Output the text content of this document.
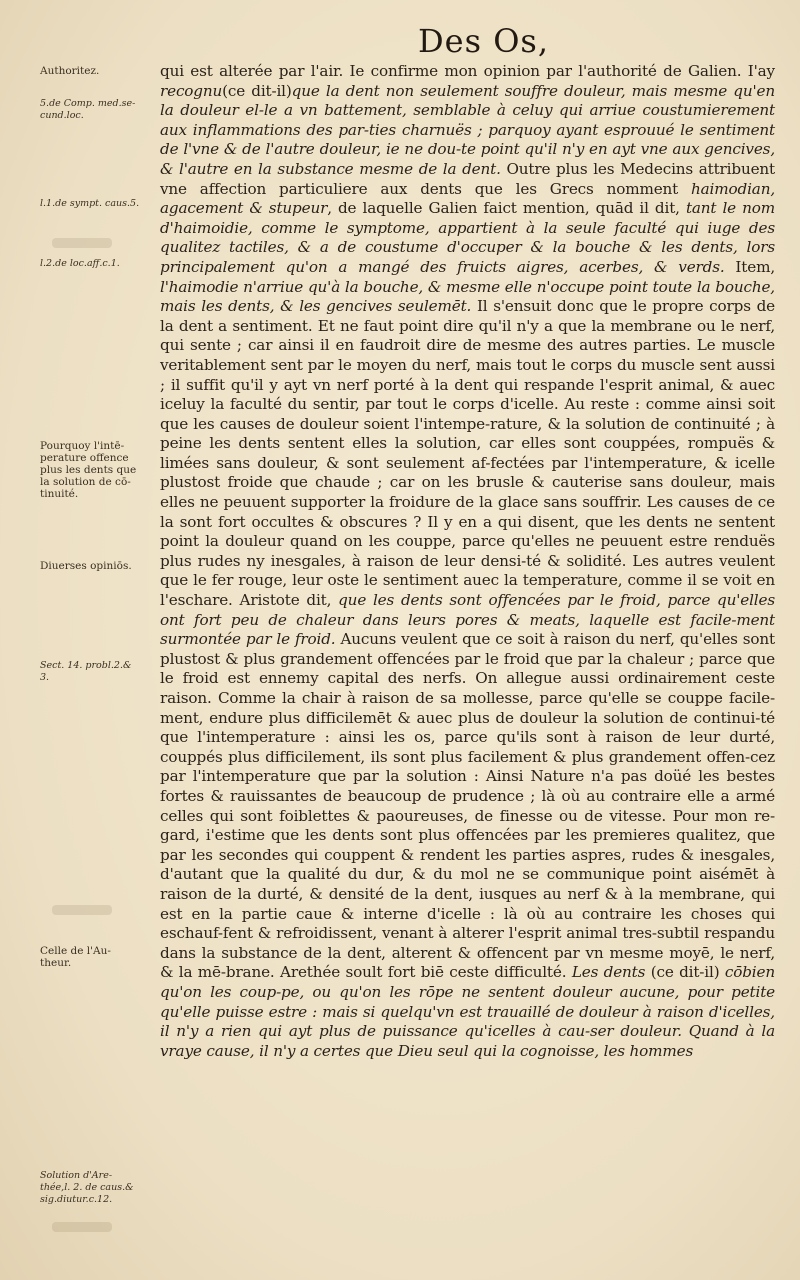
Des Os,
Authoritez.
5.de Comp. med.se-
cund.loc.
l.1.de sympt. caus.5.
l.2.de loc.aff.c.1.
Pourquoy l'intē-
perature offence
plus les dents que
la solution de cō-
tinuité.
Diuerses opiniōs.
Sect. 14. probl.2.&
3.
Celle de l'Au-
theur.
Solution d'Are-
thée,l. 2. de caus.&
sig.diutur.c.12.

qui est alterée par l'air. Ie confirme mon opinion par l'authorité de Galien. I'ay recognu(ce dit-il)que la dent non seulement souffre douleur, mais mesme qu'en la douleur el-le a vn battement, semblable à celuy qui arriue coustumierement aux inflammations des par-ties charnuës ; parquoy ayant esprouué le sentiment de l'vne & de l'autre douleur, ie ne dou-te point qu'il n'y en ayt vne aux gencives, & l'autre en la substance mesme de la dent. Outre plus les Medecins attribuent vne affection particuliere aux dents que les Grecs nomment haimodian, agacement & stupeur, de laquelle Galien faict mention, quād il dit, tant le nom d'haimoidie, comme le symptome, appartient à la seule faculté qui iuge des qualitez tactiles, & a de coustume d'occuper & la bouche & les dents, lors principalement qu'on a mangé des fruicts aigres, acerbes, & verds. Item, l'haimodie n'arriue qu'à la bouche, & mesme elle n'occupe point toute la bouche, mais les dents, & les gencives seulemēt. Il s'ensuit donc que le propre corps de la dent a sentiment. Et ne faut point dire qu'il n'y a que la membrane ou le nerf, qui sente ; car ainsi il en faudroit dire de mesme des autres parties. Le muscle veritablement sent par le moyen du nerf, mais tout le corps du muscle sent aussi ; il suffit qu'il y ayt vn nerf porté à la dent qui respande l'esprit animal, & auec iceluy la faculté du sentir, par tout le corps d'icelle. Au reste : comme ainsi soit que les causes de douleur soient l'intempe-rature, & la solution de continuité ; à peine les dents sentent elles la solution, car elles sont couppées, rompuës & limées sans douleur, & sont seulement af-fectées par l'intemperature, & icelle plustost froide que chaude ; car on les brusle & cauterise sans douleur, mais elles ne peuuent supporter la froidure de la glace sans souffrir. Les causes de ce la sont fort occultes & obscures ? Il y en a qui disent, que les dents ne sentent point la douleur quand on les couppe, parce qu'elles ne peuuent estre renduës plus rudes ny inesgales, à raison de leur densi-té & solidité. Les autres veulent que le fer rouge, leur oste le sentiment auec la temperature, comme il se voit en l'eschare. Aristote dit, que les dents sont offencées par le froid, parce qu'elles ont fort peu de chaleur dans leurs pores & meats, laquelle est facile-ment surmontée par le froid. Aucuns veulent que ce soit à raison du nerf, qu'elles sont plustost & plus grandement offencées par le froid que par la chaleur ; parce que le froid est ennemy capital des nerfs. On allegue aussi ordinairement ceste raison. Comme la chair à raison de sa mollesse, parce qu'elle se couppe facile-ment, endure plus difficilemēt & auec plus de douleur la solution de continui-té que l'intemperature : ainsi les os, parce qu'ils sont à raison de leur durté, couppés plus difficilement, ils sont plus facilement & plus grandement offen-cez par l'intemperature que par la solution : Ainsi Nature n'a pas doüé les bestes fortes & rauissantes de beaucoup de prudence ; là où au contraire elle a armé celles qui sont foiblettes & paoureuses, de finesse ou de vitesse. Pour mon re-gard, i'estime que les dents sont plus offencées par les premieres qualitez, que par les secondes qui couppent & rendent les parties aspres, rudes & inesgales, d'autant que la qualité du dur, & du mol ne se communique point aisémēt à raison de la durté, & densité de la dent, iusques au nerf & à la membrane, qui est en la partie caue & interne d'icelle : là où au contraire les choses qui eschauf-fent & refroidissent, venant à alterer l'esprit animal tres-subtil respandu dans la substance de la dent, alterent & offencent par vn mesme moyē, le nerf, & la mē-brane. Arethée soult fort biē ceste difficulté. Les dents (ce dit-il) cōbien qu'on les coup-pe, ou qu'on les rōpe ne sentent douleur aucune, pour petite qu'elle puisse estre : mais si quelqu'vn est trauaillé de douleur à raison d'icelles, il n'y a rien qui ayt plus de puissance qu'icelles à cau-ser douleur. Quand à la vraye cause, il n'y a certes que Dieu seul qui la cognoisse, les hommes
